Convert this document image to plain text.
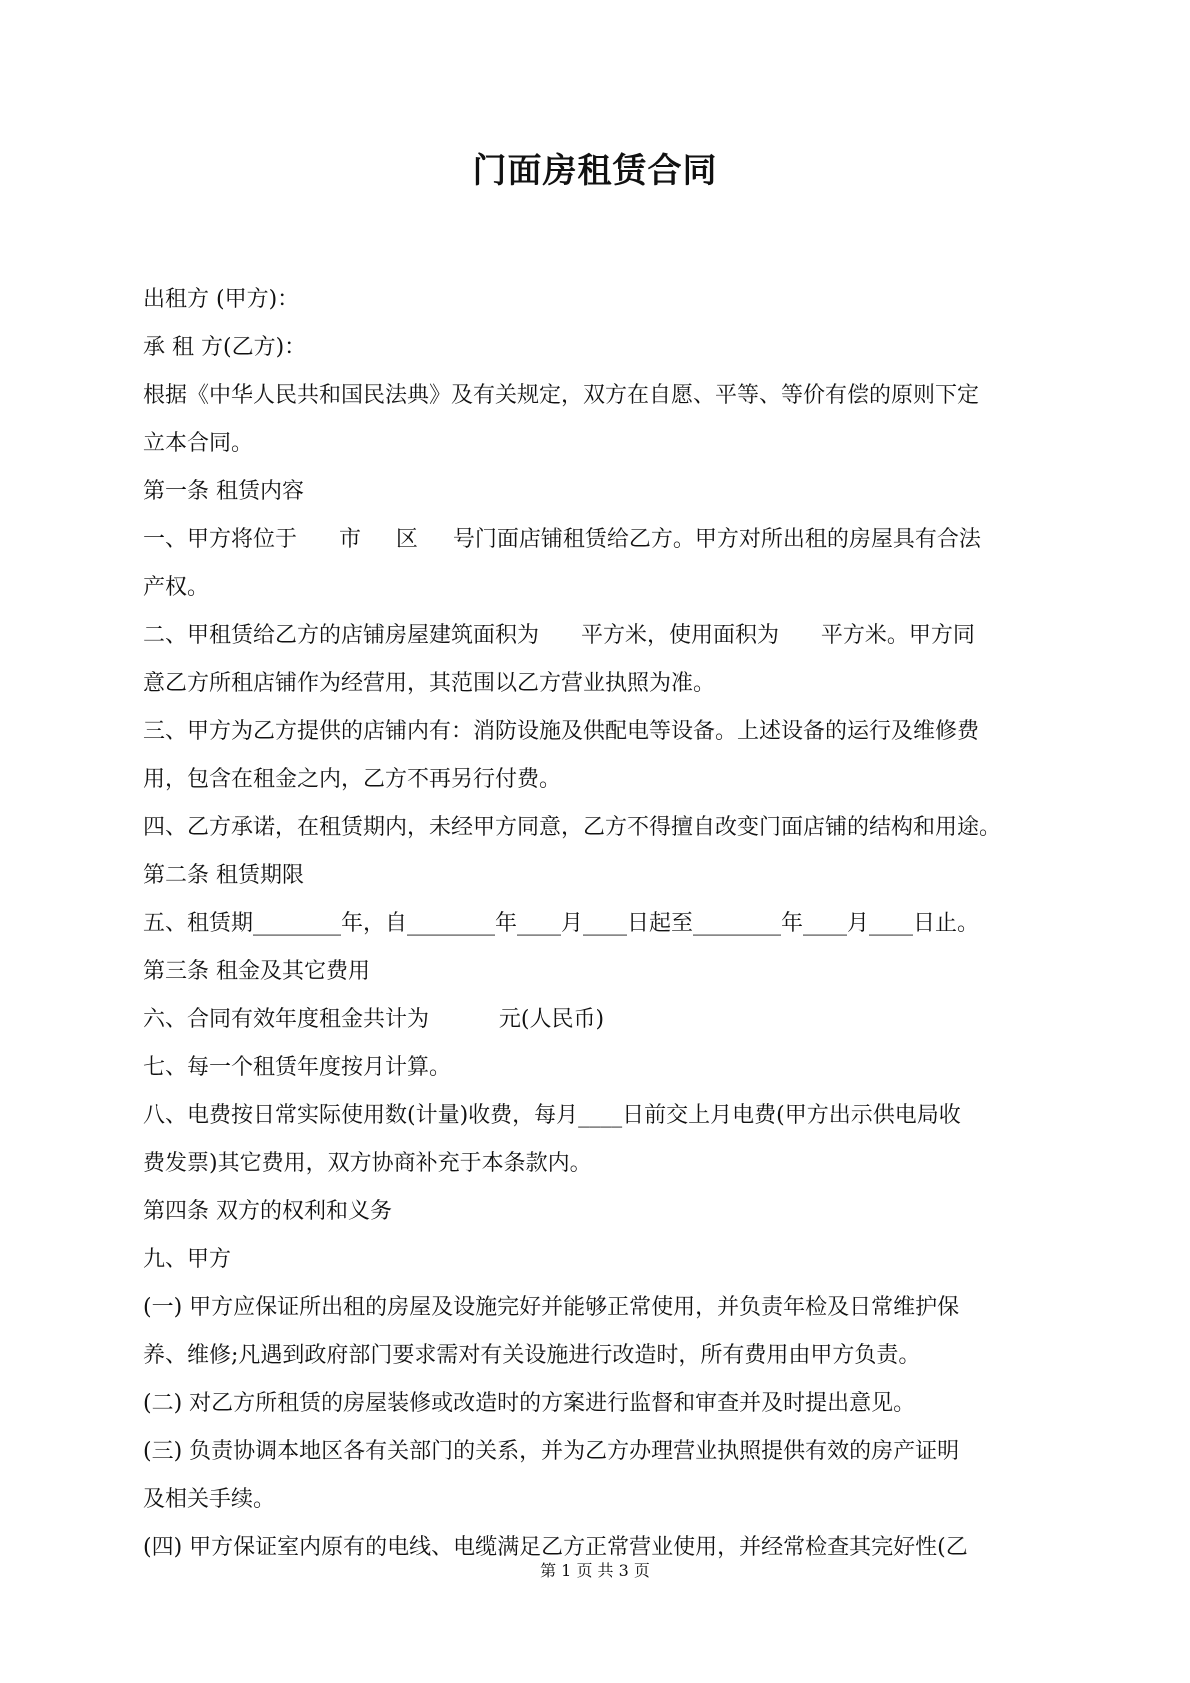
门面房租赁合同

出租方 (甲方)：

承 租 方(乙方)：

根据《中华人民共和国民法典》及有关规定，双方在自愿、平等、等价有偿的原则下定

立本合同。

第一条 租赁内容

一、甲方将位于      市     区     号门面店铺租赁给乙方。甲方对所出租的房屋具有合法

产权。

二、甲租赁给乙方的店铺房屋建筑面积为      平方米，使用面积为      平方米。甲方同

意乙方所租店铺作为经营用，其范围以乙方营业执照为准。

三、甲方为乙方提供的店铺内有：消防设施及供配电等设备。上述设备的运行及维修费

用，包含在租金之内，乙方不再另行付费。

四、乙方承诺，在租赁期内，未经甲方同意，乙方不得擅自改变门面店铺的结构和用途。

第二条 租赁期限

五、租赁期________年，自________年____月____日起至________年____月____日止。

第三条 租金及其它费用

六、合同有效年度租金共计为          元(人民币)

七、每一个租赁年度按月计算。

八、电费按日常实际使用数(计量)收费，每月____日前交上月电费(甲方出示供电局收

费发票)其它费用，双方协商补充于本条款内。

第四条 双方的权利和义务

九、甲方

(一) 甲方应保证所出租的房屋及设施完好并能够正常使用，并负责年检及日常维护保

养、维修;凡遇到政府部门要求需对有关设施进行改造时，所有费用由甲方负责。

(二) 对乙方所租赁的房屋装修或改造时的方案进行监督和审查并及时提出意见。

(三) 负责协调本地区各有关部门的关系，并为乙方办理营业执照提供有效的房产证明

及相关手续。

(四) 甲方保证室内原有的电线、电缆满足乙方正常营业使用，并经常检查其完好性(乙

第 1 页 共 3 页
